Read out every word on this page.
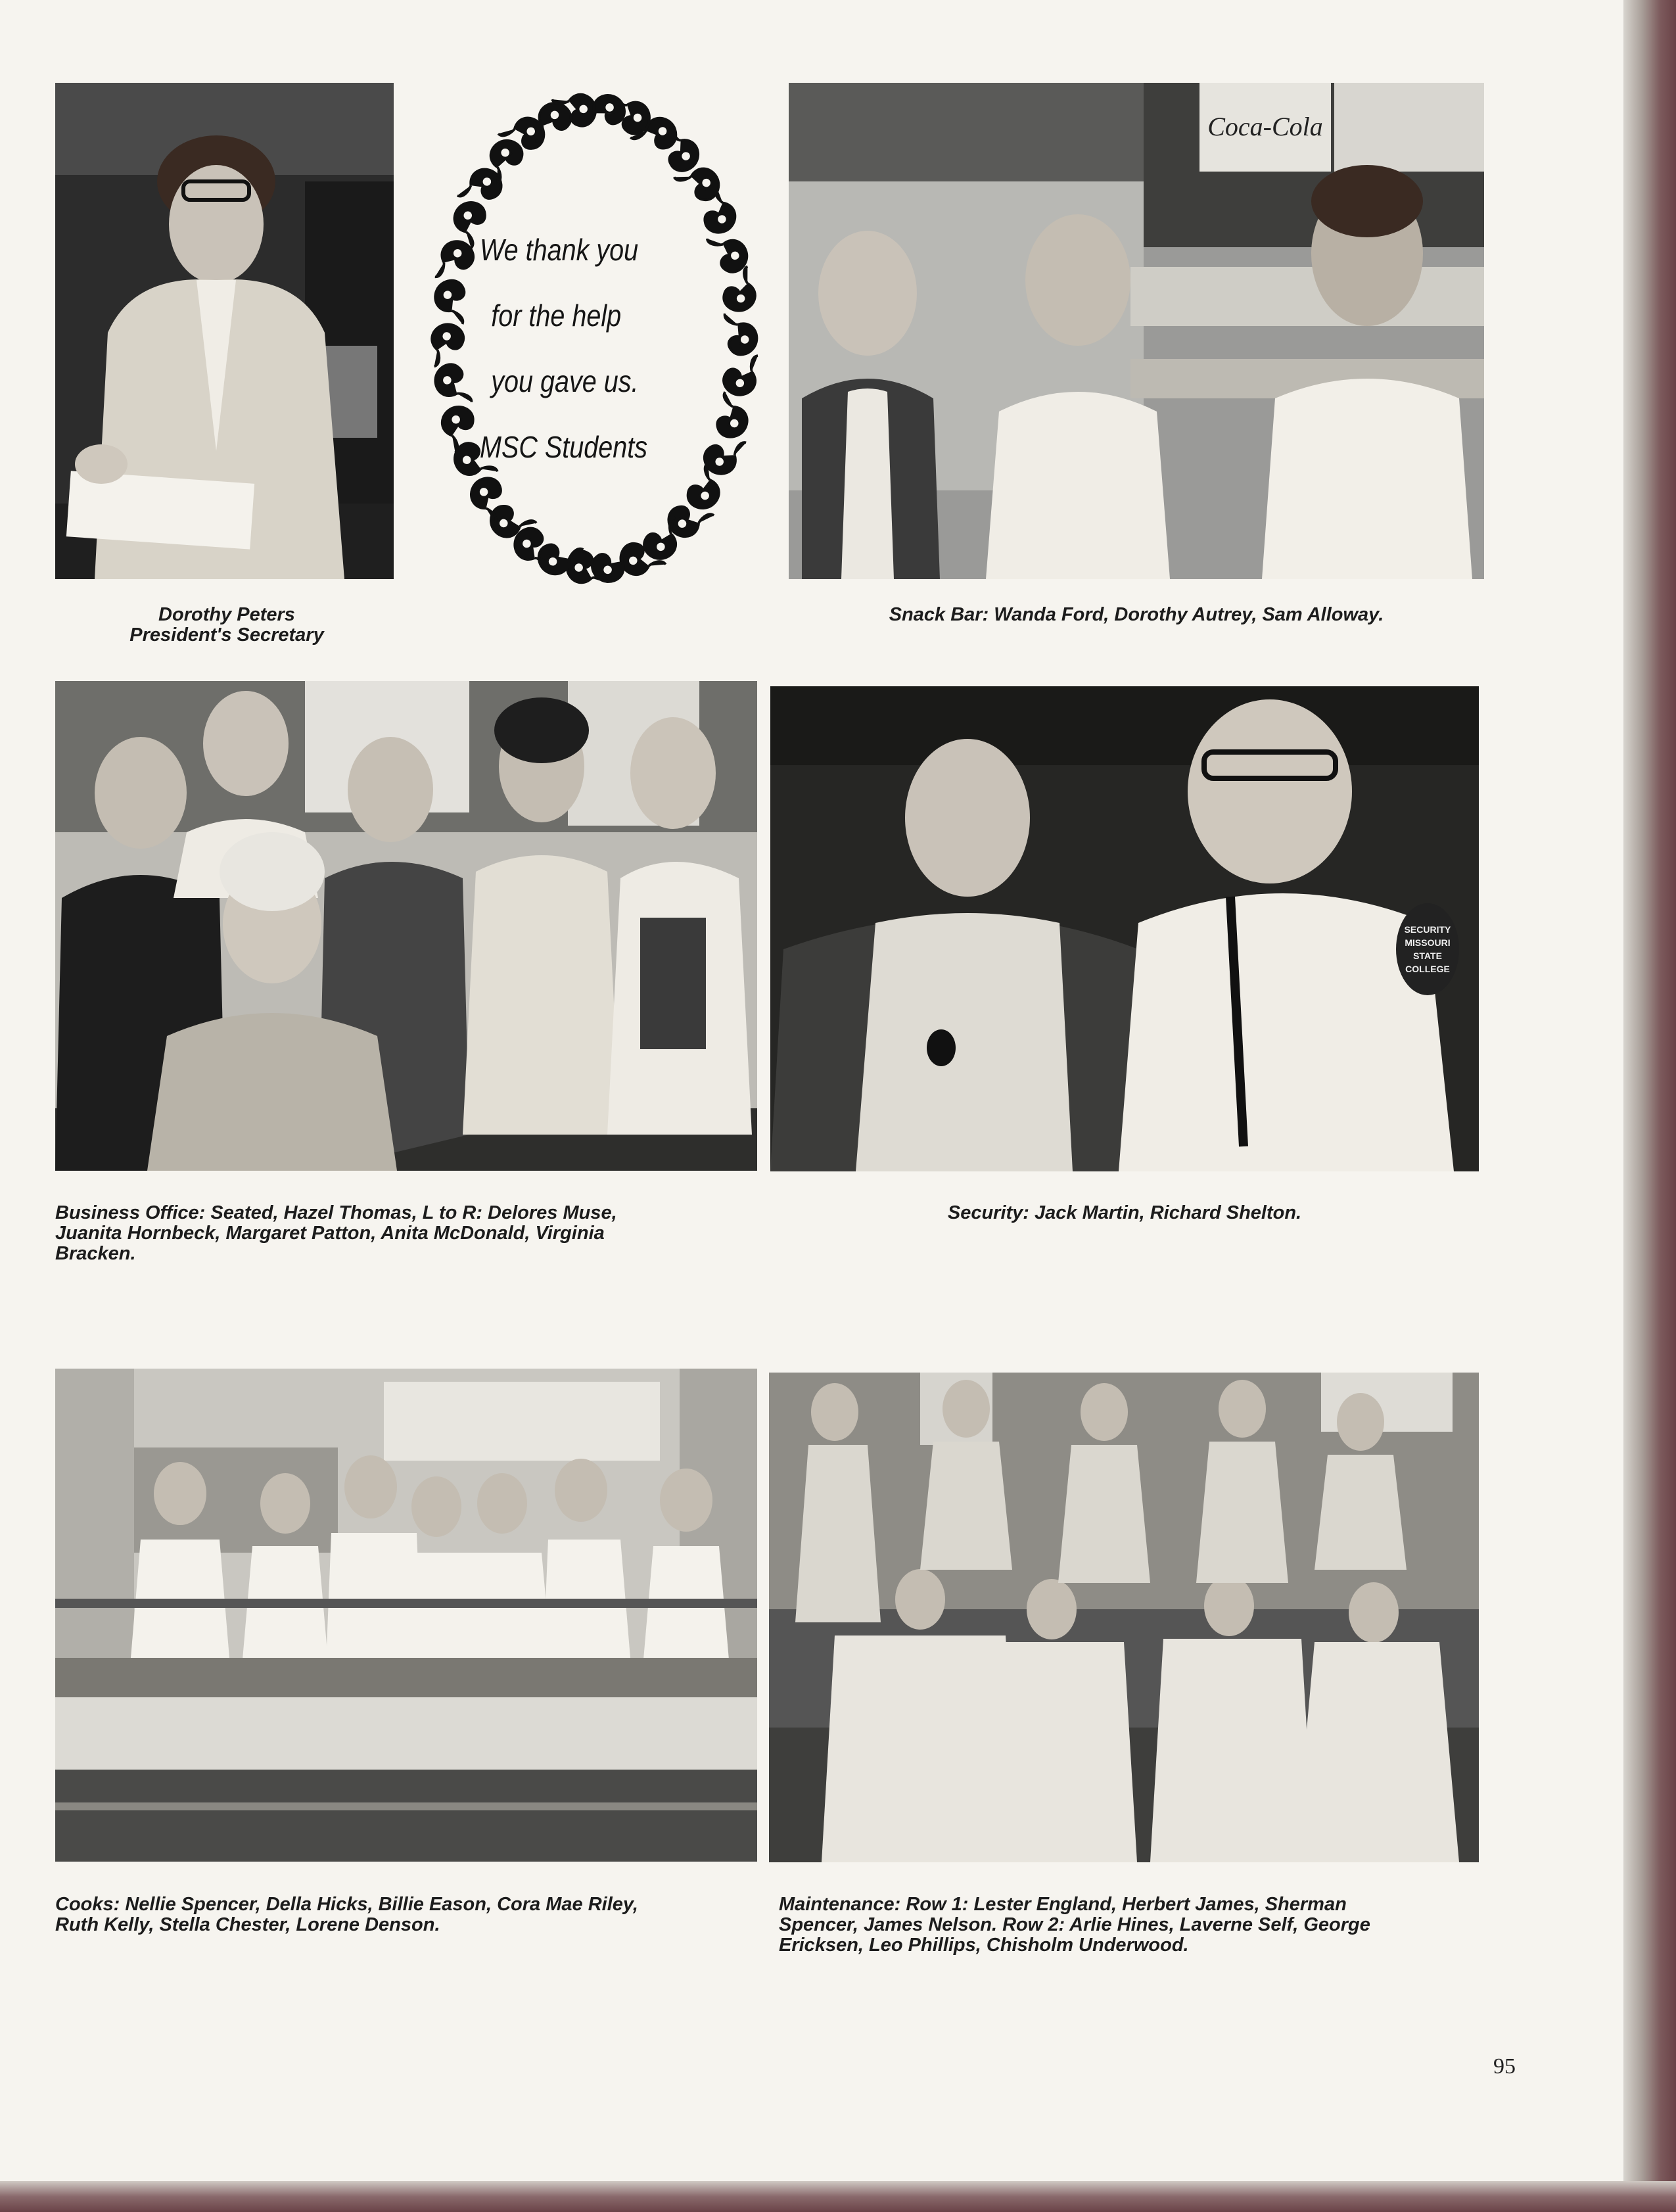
Dorothy Peters
President's Secretary

We thank you
for the help
you gave us.
MSC Students
Coca-Cola

Snack Bar: Wanda Ford, Dorothy Autrey, Sam Alloway.

Business Office: Seated, Hazel Thomas, L to R: Delores Muse,
Juanita Hornbeck, Margaret Patton, Anita McDonald, Virginia
Bracken.

SECURITY
MISSOURI
STATE
COLLEGE

Security: Jack Martin, Richard Shelton.

Cooks: Nellie Spencer, Della Hicks, Billie Eason, Cora Mae Riley,
Ruth Kelly, Stella Chester, Lorene Denson.

Maintenance: Row 1: Lester England, Herbert James, Sherman
Spencer, James Nelson. Row 2: Arlie Hines, Laverne Self, George
Ericksen, Leo Phillips, Chisholm Underwood.

95
